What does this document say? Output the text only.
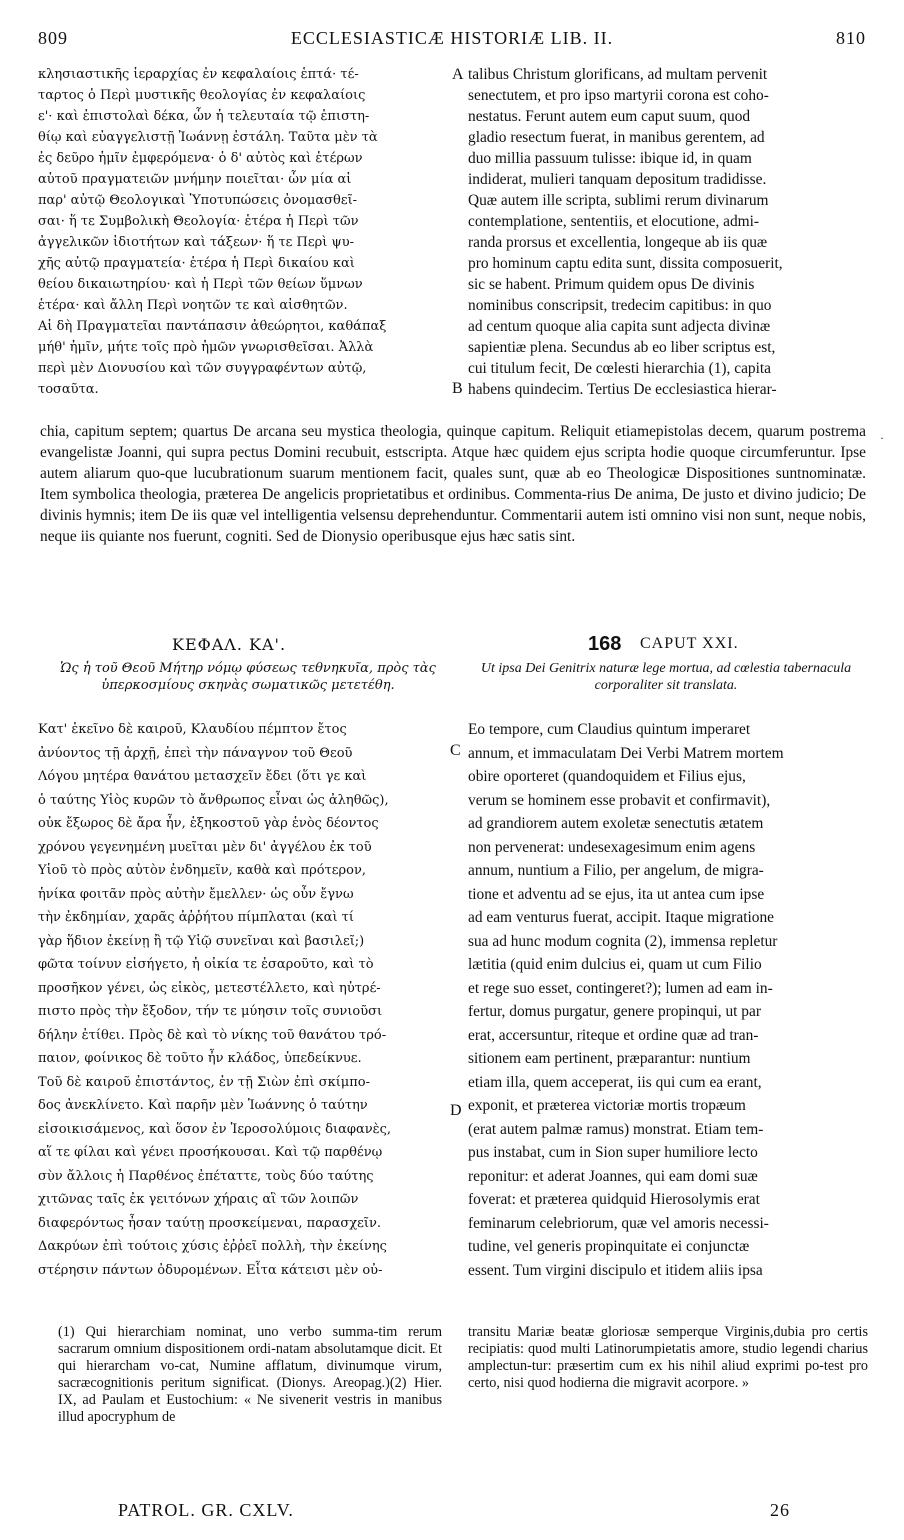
809	ECCLESIASTICÆ HISTORIÆ LIB. II.	810
κλησιαστικῆς ἱεραρχίας ἐν κεφαλαίοις ἑπτά· τέ-
ταρτος ὁ Περὶ μυστικῆς θεολογίας ἐν κεφαλαίοις
ε'· καὶ ἐπιστολαὶ δέκα, ὧν ἡ τελευταία τῷ ἐπιστη-
θίῳ καὶ εὐαγγελιστῇ Ἰωάννῃ ἐστάλη. Ταῦτα μὲν τὰ
ἐς δεῦρο ἡμῖν ἐμφερόμενα· ὁ δ' αὐτὸς καὶ ἑτέρων
αὑτοῦ πραγματειῶν μνήμην ποιεῖται· ὧν μία αἱ
παρ' αὐτῷ Θεολογικαὶ Ὑποτυπώσεις ὀνομασθεῖ-
σαι· ἥ τε Συμβολικὴ Θεολογία· ἑτέρα ἡ Περὶ τῶν
ἀγγελικῶν ἰδιοτήτων καὶ τάξεων· ἥ τε Περὶ ψυ-
χῆς αὐτῷ πραγματεία· ἑτέρα ἡ Περὶ δικαίου καὶ
θείου δικαιωτηρίου· καὶ ἡ Περὶ τῶν θείων ὕμνων
ἑτέρα· καὶ ἄλλη Περὶ νοητῶν τε καὶ αἰσθητῶν.
Αἱ δὴ Πραγματεῖαι παντάπασιν ἀθεώρητοι, καθάπαξ
μήθ' ἡμῖν, μήτε τοῖς πρὸ ἡμῶν γνωρισθεῖσαι. Ἀλλὰ
περὶ μὲν Διονυσίου καὶ τῶν συγγραφέντων αὐτῷ,
τοσαῦτα.
talibus Christum glorificans, ad multam pervenit
senectutem, et pro ipso martyrii corona est coho-
nestatus. Ferunt autem eum caput suum, quod
gladio resectum fuerat, in manibus gerentem, ad
duo millia passuum tulisse: ibique id, in quam
indiderat, mulieri tanquam depositum tradidisse.
Quæ autem ille scripta, sublimi rerum divinarum
contemplatione, sententiis, et elocutione, admi-
randa prorsus et excellentia, longeque ab iis quæ
pro hominum captu edita sunt, dissita composuerit,
sic se habent. Primum quidem opus De divinis
nominibus conscripsit, tredecim capitibus: in quo
ad centum quoque alia capita sunt adjecta divinæ
sapientiæ plena. Secundus ab eo liber scriptus est,
cui titulum fecit, De cœlesti hierarchia (1), capita
habens quindecim. Tertius De ecclesiastica hierar-
A
B
·
chia, capitum septem; quartus De arcana seu mystica theologia, quinque capitum. Reliquit etiamepistolas decem, quarum postrema evangelistæ Joanni, qui supra pectus Domini recubuit, estscripta. Atque hæc quidem ejus scripta hodie quoque circumferuntur. Ipse autem aliarum quo-que lucubrationum suarum mentionem facit, quales sunt, quæ ab eo Theologicæ Dispositiones suntnominatæ. Item symbolica theologia, præterea De angelicis proprietatibus et ordinibus. Commenta-rius De anima, De justo et divino judicio; De divinis hymnis; item De iis quæ vel intelligentia velsensu deprehenduntur. Commentarii autem isti omnino visi non sunt, neque nobis, neque iis quiante nos fuerunt, cogniti. Sed de Dionysio operibusque ejus hæc satis sint.
ΚΕΦΑΛ. ΚΑ'.	168 CAPUT XXI.
Ὡς ἡ τοῦ Θεοῦ Μήτηρ νόμῳ φύσεως τεθνηκυῖα, πρὸς τὰς ὑπερκοσμίους σκηνὰς σωματικῶς μετετέθη.
Ut ipsa Dei Genitrix naturæ lege mortua, ad cœlestia tabernacula corporaliter sit translata.
Κατ' ἐκεῖνο δὲ καιροῦ, Κλαυδίου πέμπτον ἔτος
ἀνύοντος τῇ ἀρχῇ, ἐπεὶ τὴν πάναγνον τοῦ Θεοῦ
Λόγου μητέρα θανάτου μετασχεῖν ἔδει (ὅτι γε καὶ
ὁ ταύτης Υἱὸς κυρῶν τὸ ἄνθρωπος εἶναι ὡς ἀληθῶς),
οὐκ ἔξωρος δὲ ἄρα ἦν, ἑξηκοστοῦ γὰρ ἑνὸς δέοντος
χρόνου γεγενημένη μυεῖται μὲν δι' ἀγγέλου ἐκ τοῦ
Υἱοῦ τὸ πρὸς αὐτὸν ἐνδημεῖν, καθὰ καὶ πρότερον,
ἡνίκα φοιτᾶν πρὸς αὐτὴν ἔμελλεν· ὡς οὖν ἔγνω
τὴν ἐκδημίαν, χαρᾶς ἀῤῥήτου πίμπλαται (καὶ τί
γὰρ ἥδιον ἐκείνῃ ἢ τῷ Υἱῷ συνεῖναι καὶ βασιλεῖ;)
φῶτα τοίνυν εἰσήγετο, ἡ οἰκία τε ἐσαροῦτο, καὶ τὸ
προσῆκον γένει, ὡς εἰκὸς, μετεστέλλετο, καὶ ηὐτρέ-
πιστο πρὸς τὴν ἔξοδον, τήν τε μύησιν τοῖς συνιοῦσι
δήλην ἐτίθει. Πρὸς δὲ καὶ τὸ νίκης τοῦ θανάτου τρό-
παιον, φοίνικος δὲ τοῦτο ἦν κλάδος, ὑπεδείκνυε.
Τοῦ δὲ καιροῦ ἐπιστάντος, ἐν τῇ Σιὼν ἐπὶ σκίμπο-
δος ἀνεκλίνετο. Καὶ παρῆν μὲν Ἰωάννης ὁ ταύτην
εἰσοικισάμενος, καὶ ὅσον ἐν Ἱεροσολύμοις διαφανὲς,
αἵ τε φίλαι καὶ γένει προσήκουσαι. Καὶ τῷ παρθένῳ
σὺν ἄλλοις ἡ Παρθένος ἐπέταττε, τοὺς δύο ταύτης
χιτῶνας ταῖς ἐκ γειτόνων χήραις αἳ τῶν λοιπῶν
διαφερόντως ἦσαν ταύτῃ προσκείμεναι, παρασχεῖν.
Δακρύων ἐπὶ τούτοις χύσις ἐῤῥεῖ πολλὴ, τὴν ἐκείνης
στέρησιν πάντων ὀδυρομένων. Εἶτα κάτεισι μὲν οὐ-
Eo tempore, cum Claudius quintum imperaret
annum, et immaculatam Dei Verbi Matrem mortem
obire oporteret (quandoquidem et Filius ejus,
verum se hominem esse probavit et confirmavit),
ad grandiorem autem exoletæ senectutis ætatem
non pervenerat: undesexagesimum enim agens
annum, nuntium a Filio, per angelum, de migra-
tione et adventu ad se ejus, ita ut antea cum ipse
ad eam venturus fuerat, accipit. Itaque migrationе
sua ad hunc modum cognita (2), immensa repletur
lætitia (quid enim dulcius ei, quam ut cum Filio
et rege suo esset, contingeret?); lumen ad eam in-
fertur, domus purgatur, genere propinqui, ut par
erat, accersuntur, riteque et ordine quæ ad tran-
sitionem eam pertinent, præparantur: nuntium
etiam illa, quem acceperat, iis qui cum ea erant,
exponit, et præterea victoriæ mortis tropæum
(erat autem palmæ ramus) monstrat. Etiam tem-
pus instabat, cum in Sion super humiliore lecto
reponitur: et aderat Joannes, qui eam domi suæ
foverat: et præterea quidquid Hierosolymis erat
feminarum celebriorum, quæ vel amoris necessi-
tudine, vel generis propinquitate ei conjunctæ
essent. Tum virgini discipulo et itidem aliis ipsa
C
D
(1) Qui hierarchiam nominat, uno verbo summa-tim rerum sacrarum omnium dispositionem ordi-natam absolutamque dicit. Et qui hierarcham vo-cat, Numine afflatum, divinumque virum, sacræcognitionis peritum significat. (Dionys. Areopag.)(2) Hier. IX, ad Paulam et Eustochium: « Ne sivenerit vestris in manibus illud apocryphum de
transitu Mariæ beatæ gloriosæ semperque Virginis,dubia pro certis recipiatis: quod multi Latinorumpietatis amore, studio legendi charius amplectun-tur: præsertim cum ex his nihil aliud exprimi po-test pro certo, nisi quod hodierna die migravit acorpore. »
PATROL. GR. CXLV.	26
